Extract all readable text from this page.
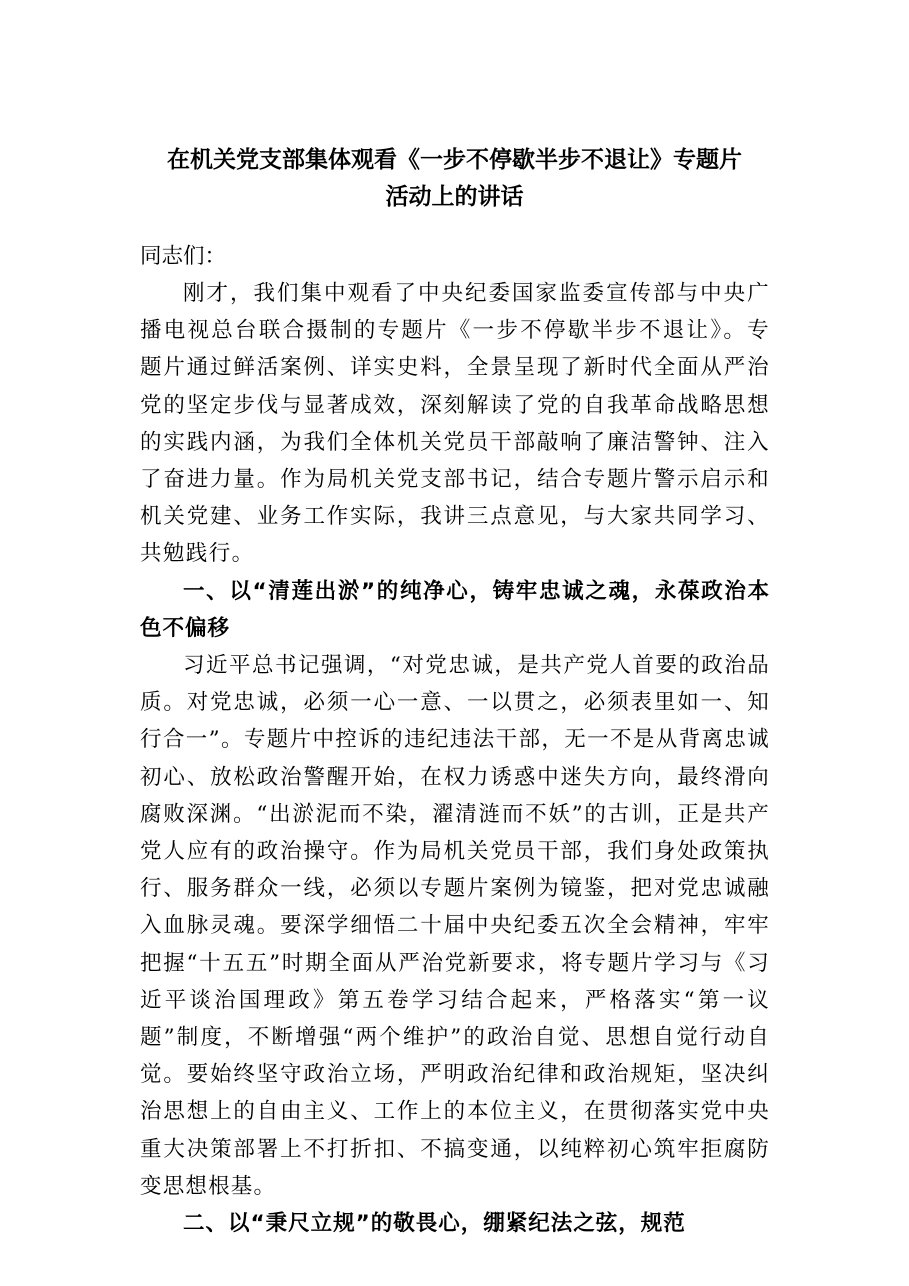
在机关党支部集体观看《一步不停歇半步不退让》专题片
活动上的讲话

同志们：

刚才，我们集中观看了中央纪委国家监委宣传部与中央广播电视总台联合摄制的专题片《一步不停歇半步不退让》。专题片通过鲜活案例、详实史料，全景呈现了新时代全面从严治党的坚定步伐与显著成效，深刻解读了党的自我革命战略思想的实践内涵，为我们全体机关党员干部敲响了廉洁警钟、注入了奋进力量。作为局机关党支部书记，结合专题片警示启示和机关党建、业务工作实际，我讲三点意见，与大家共同学习、共勉践行。

一、以“清莲出淤”的纯净心，铸牢忠诚之魂，永葆政治本色不偏移

习近平总书记强调，“对党忠诚，是共产党人首要的政治品质。对党忠诚，必须一心一意、一以贯之，必须表里如一、知行合一”。专题片中控诉的违纪违法干部，无一不是从背离忠诚初心、放松政治警醒开始，在权力诱惑中迷失方向，最终滑向腐败深渊。“出淤泥而不染，濯清涟而不妖”的古训，正是共产党人应有的政治操守。作为局机关党员干部，我们身处政策执行、服务群众一线，必须以专题片案例为镜鉴，把对党忠诚融入血脉灵魂。要深学细悟二十届中央纪委五次全会精神，牢牢把握“十五五”时期全面从严治党新要求，将专题片学习与《习近平谈治国理政》第五卷学习结合起来，严格落实“第一议题”制度，不断增强“两个维护”的政治自觉、思想自觉行动自觉。要始终坚守政治立场，严明政治纪律和政治规矩，坚决纠治思想上的自由主义、工作上的本位主义，在贯彻落实党中央重大决策部署上不打折扣、不搞变通，以纯粹初心筑牢拒腐防变思想根基。

二、以“秉尺立规”的敬畏心，绷紧纪法之弦，规范
